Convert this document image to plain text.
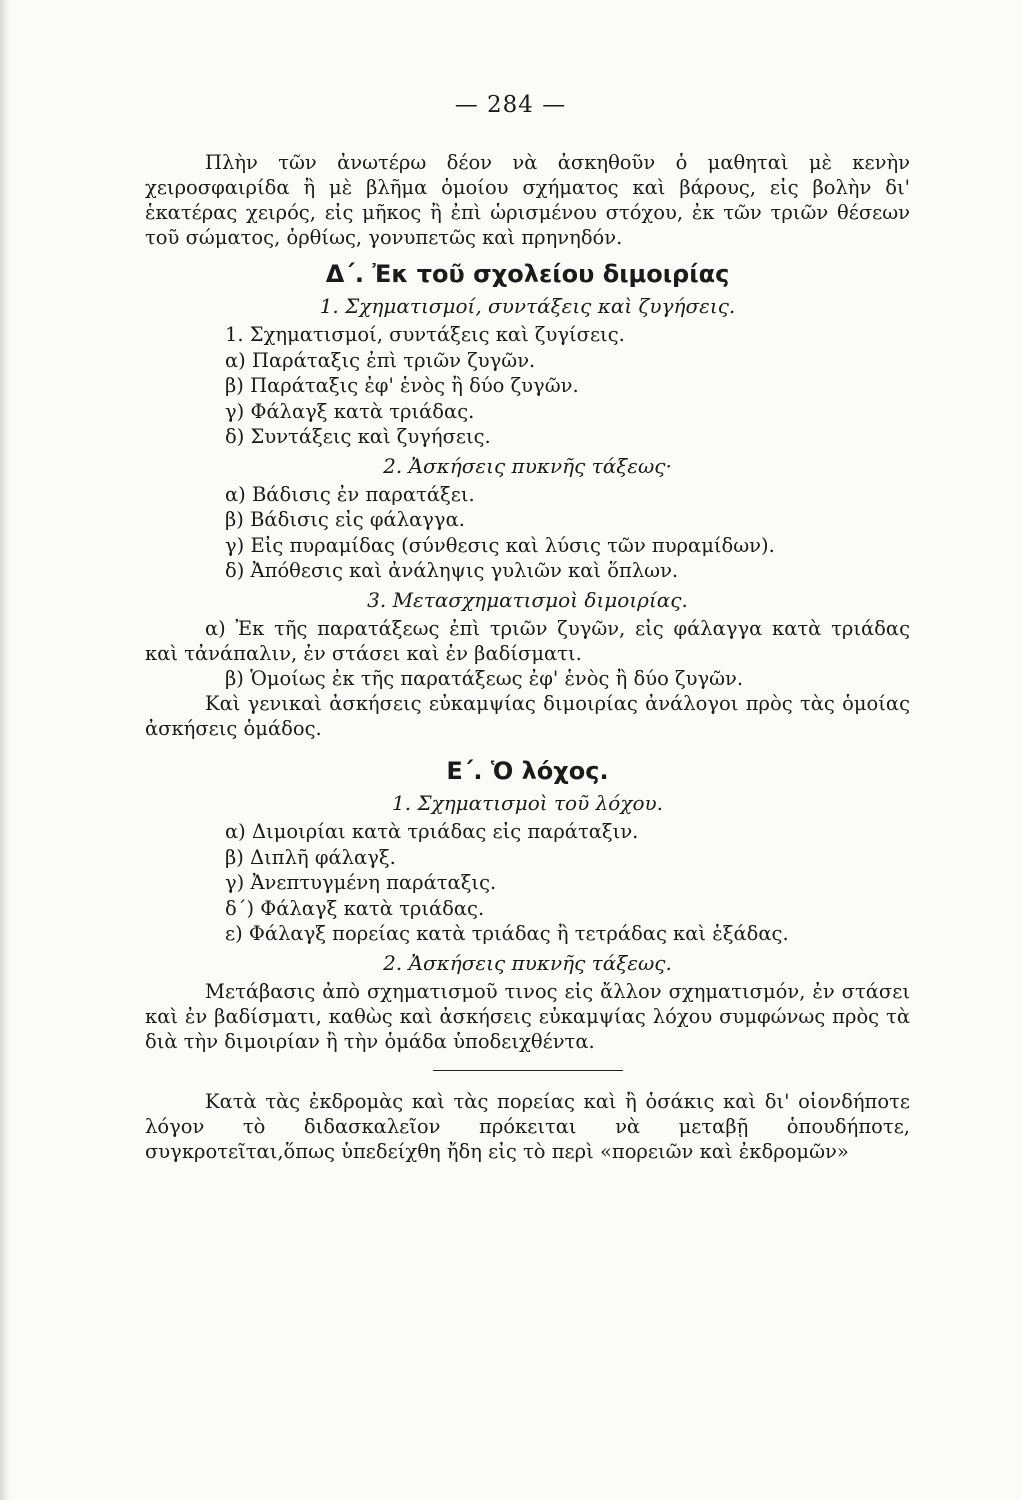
— 284 —

Πλὴν τῶν ἀνωτέρω δέον νὰ ἀσκηθοῦν ὁ μαθηταὶ μὲ κενὴν χειροσφαιρίδα ἢ μὲ βλῆμα ὁμοίου σχήματος καὶ βάρους, εἰς βολὴν δι' ἑκατέρας χειρός, εἰς μῆκος ἢ ἐπὶ ὡρισμένου στόχου, ἐκ τῶν τριῶν θέσεων τοῦ σώματος, ὀρθίως, γονυπετῶς καὶ πρηνηδόν.

Δ΄. Ἐκ τοῦ σχολείου διμοιρίας
1. Σχηματισμοί, συντάξεις καὶ ζυγήσεις.
1. Σχηματισμοί, συντάξεις καὶ ζυγίσεις.
α) Παράταξις ἐπὶ τριῶν ζυγῶν.
β) Παράταξις ἐφ' ἑνὸς ἢ δύο ζυγῶν.
γ) Φάλαγξ κατὰ τριάδας.
δ) Συντάξεις καὶ ζυγήσεις.
2. Ἀσκήσεις πυκνῆς τάξεως·
α) Βάδισις ἐν παρατάξει.
β) Βάδισις εἰς φάλαγγα.
γ) Εἰς πυραμίδας (σύνθεσις καὶ λύσις τῶν πυραμίδων).
δ) Ἀπόθεσις καὶ ἀνάληψις γυλιῶν καὶ ὅπλων.
3. Μετασχηματισμοὶ διμοιρίας.

α) Ἐκ τῆς παρατάξεως ἐπὶ τριῶν ζυγῶν, εἰς φάλαγγα κατὰ τριάδας καὶ τἀνάπαλιν, ἐν στάσει καὶ ἐν βαδίσματι.

β) Ὁμοίως ἐκ τῆς παρατάξεως ἐφ' ἑνὸς ἢ δύο ζυγῶν.

Καὶ γενικαὶ ἀσκήσεις εὐκαμψίας διμοιρίας ἀνάλογοι πρὸς τὰς ὁμοίας ἀσκήσεις ὁμάδος.

Ε΄. Ὁ λόχος.
1. Σχηματισμοὶ τοῦ λόχου.
α) Διμοιρίαι κατὰ τριάδας εἰς παράταξιν.
β) Διπλῆ φάλαγξ.
γ) Ἀνεπτυγμένη παράταξις.
δ΄) Φάλαγξ κατὰ τριάδας.
ε) Φάλαγξ πορείας κατὰ τριάδας ἢ τετράδας καὶ ἑξάδας.
2. Ἀσκήσεις πυκνῆς τάξεως.

Μετάβασις ἀπὸ σχηματισμοῦ τινος εἰς ἄλλον σχηματισμόν, ἐν στάσει καὶ ἐν βαδίσματι, καθὼς καὶ ἀσκήσεις εὐκαμψίας λόχου συμφώνως πρὸς τὰ διὰ τὴν διμοιρίαν ἢ τὴν ὁμάδα ὑποδειχθέντα.

Κατὰ τὰς ἐκδρομὰς καὶ τὰς πορείας καὶ ἢ ὁσάκις καὶ δι' οἱονδήποτε λόγον τὸ διδασκαλεῖον πρόκειται νὰ μεταβῇ ὁπουδήποτε, συγκροτεῖται,ὅπως ὑπεδείχθη ἤδη εἰς τὸ περὶ «πορειῶν καὶ ἐκδρομῶν»
